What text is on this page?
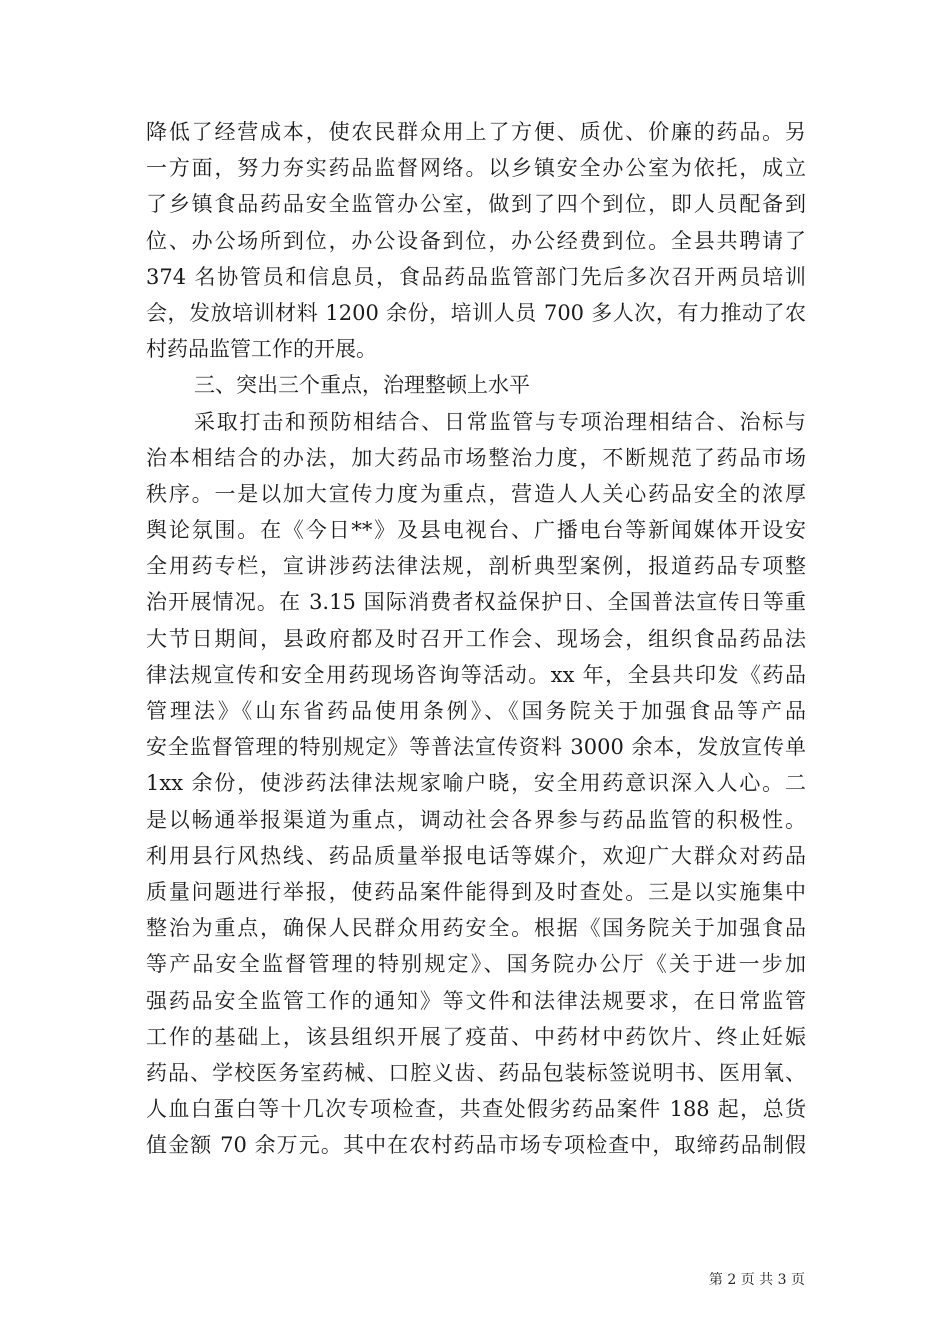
降低了经营成本，使农民群众用上了方便、质优、价廉的药品。另
一方面，努力夯实药品监督网络。以乡镇安全办公室为依托，成立
了乡镇食品药品安全监管办公室，做到了四个到位，即人员配备到
位、办公场所到位，办公设备到位，办公经费到位。全县共聘请了
374 名协管员和信息员，食品药品监管部门先后多次召开两员培训
会，发放培训材料 1200 余份，培训人员 700 多人次，有力推动了农
村药品监管工作的开展。
三、突出三个重点，治理整顿上水平
采取打击和预防相结合、日常监管与专项治理相结合、治标与
治本相结合的办法，加大药品市场整治力度，不断规范了药品市场
秩序。一是以加大宣传力度为重点，营造人人关心药品安全的浓厚
舆论氛围。在《今日**》及县电视台、广播电台等新闻媒体开设安
全用药专栏，宣讲涉药法律法规，剖析典型案例，报道药品专项整
治开展情况。在 3.15 国际消费者权益保护日、全国普法宣传日等重
大节日期间，县政府都及时召开工作会、现场会，组织食品药品法
律法规宣传和安全用药现场咨询等活动。xx 年，全县共印发《药品
管理法》《山东省药品使用条例》、《国务院关于加强食品等产品
安全监督管理的特别规定》等普法宣传资料 3000 余本，发放宣传单
1xx 余份，使涉药法律法规家喻户晓，安全用药意识深入人心。二
是以畅通举报渠道为重点，调动社会各界参与药品监管的积极性。
利用县行风热线、药品质量举报电话等媒介，欢迎广大群众对药品
质量问题进行举报，使药品案件能得到及时查处。三是以实施集中
整治为重点，确保人民群众用药安全。根据《国务院关于加强食品
等产品安全监督管理的特别规定》、国务院办公厅《关于进一步加
强药品安全监管工作的通知》等文件和法律法规要求，在日常监管
工作的基础上，该县组织开展了疫苗、中药材中药饮片、终止妊娠
药品、学校医务室药械、口腔义齿、药品包装标签说明书、医用氧、
人血白蛋白等十几次专项检查，共查处假劣药品案件 188 起，总货
值金额 70 余万元。其中在农村药品市场专项检查中，取缔药品制假
第 2 页 共 3 页
